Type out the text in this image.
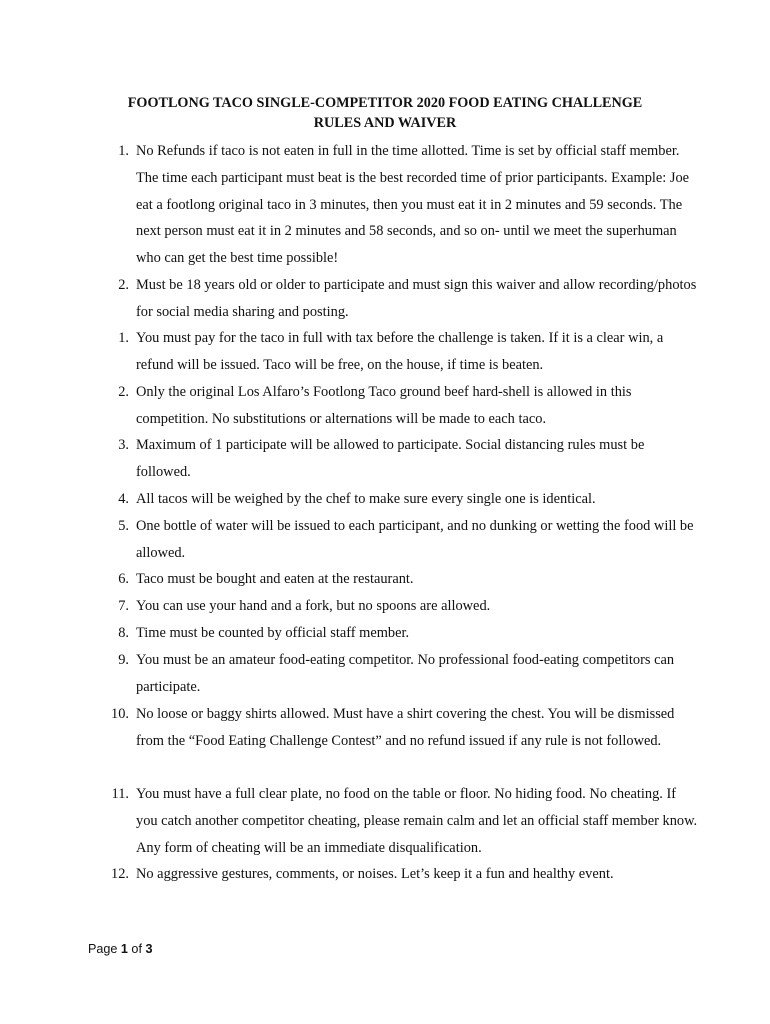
FOOTLONG TACO SINGLE-COMPETITOR 2020 FOOD EATING CHALLENGE
RULES AND WAIVER
1. No Refunds if taco is not eaten in full in the time allotted. Time is set by official staff member. The time each participant must beat is the best recorded time of prior participants. Example: Joe eat a footlong original taco in 3 minutes, then you must eat it in 2 minutes and 59 seconds. The next person must eat it in 2 minutes and 58 seconds, and so on- until we meet the superhuman who can get the best time possible!
2. Must be 18 years old or older to participate and must sign this waiver and allow recording/photos for social media sharing and posting.
1. You must pay for the taco in full with tax before the challenge is taken. If it is a clear win, a refund will be issued. Taco will be free, on the house, if time is beaten.
2. Only the original Los Alfaro’s Footlong Taco ground beef hard-shell is allowed in this competition. No substitutions or alternations will be made to each taco.
3. Maximum of 1 participate will be allowed to participate. Social distancing rules must be followed.
4. All tacos will be weighed by the chef to make sure every single one is identical.
5. One bottle of water will be issued to each participant, and no dunking or wetting the food will be allowed.
6. Taco must be bought and eaten at the restaurant.
7. You can use your hand and a fork, but no spoons are allowed.
8. Time must be counted by official staff member.
9. You must be an amateur food-eating competitor. No professional food-eating competitors can participate.
10. No loose or baggy shirts allowed. Must have a shirt covering the chest. You will be dismissed from the “Food Eating Challenge Contest” and no refund issued if any rule is not followed.
11. You must have a full clear plate, no food on the table or floor. No hiding food. No cheating. If you catch another competitor cheating, please remain calm and let an official staff member know. Any form of cheating will be an immediate disqualification.
12. No aggressive gestures, comments, or noises. Let’s keep it a fun and healthy event.
Page 1 of 3
